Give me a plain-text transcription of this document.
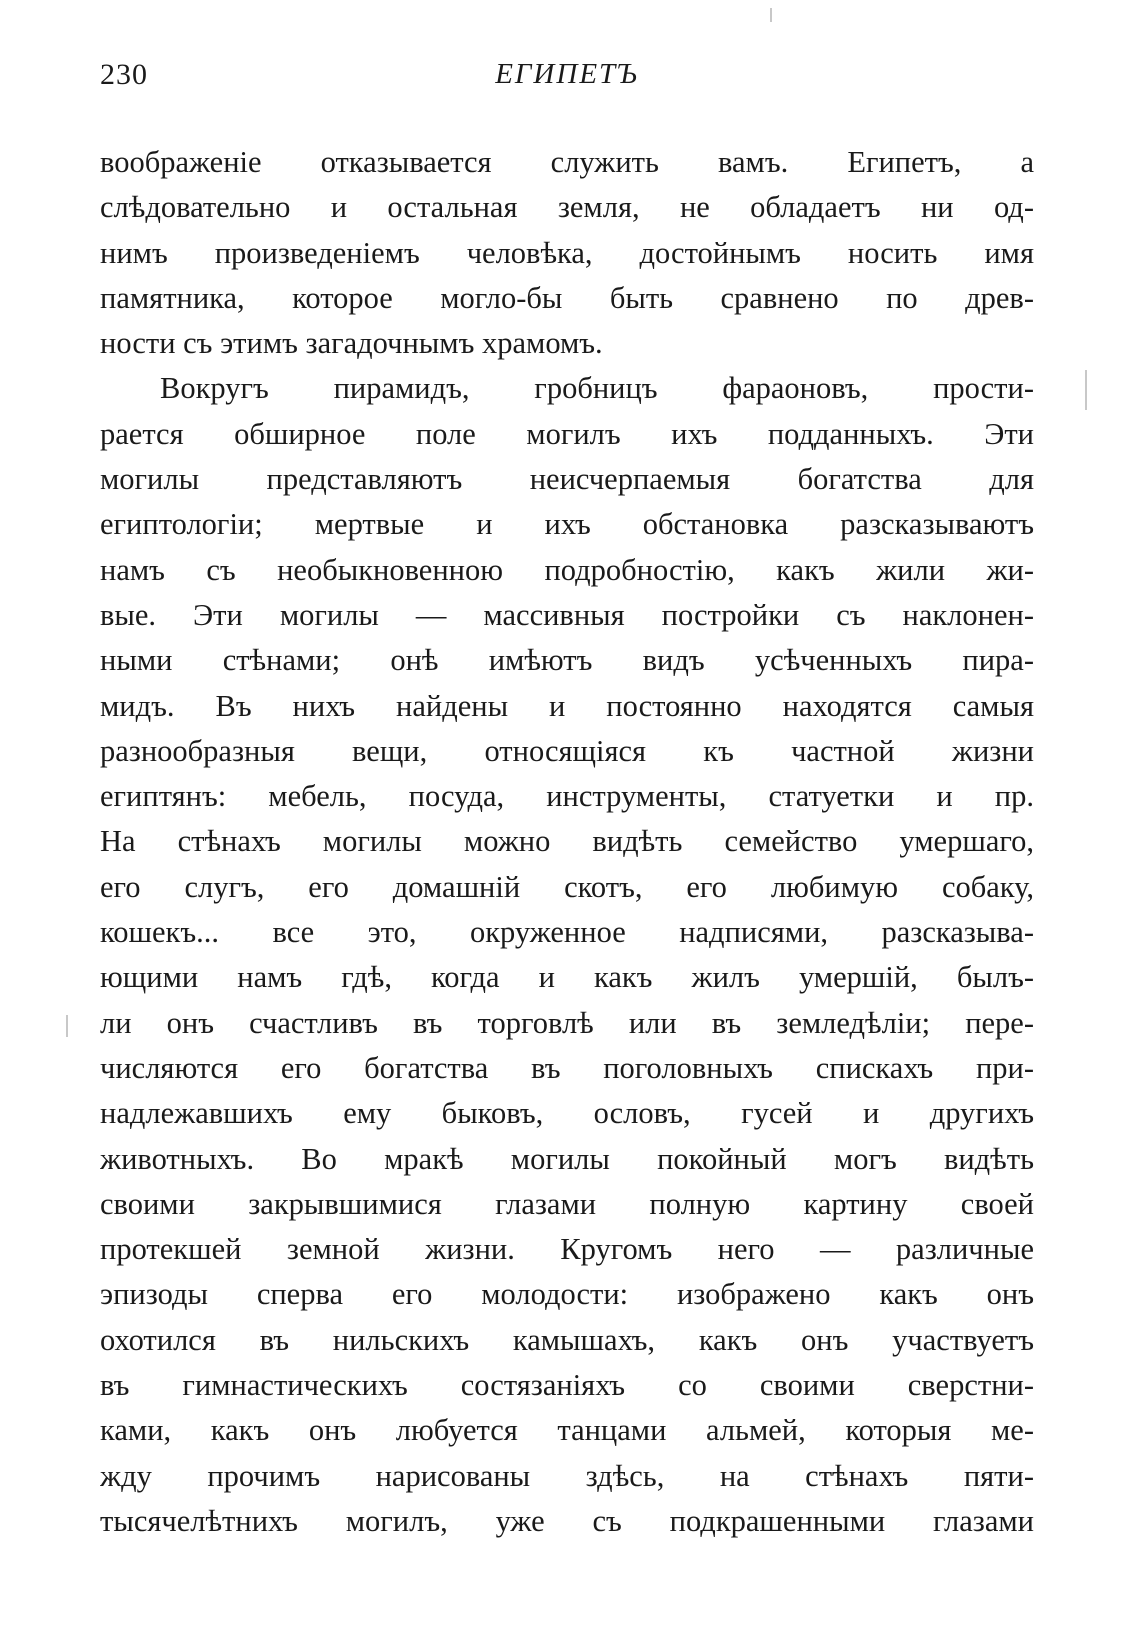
230	ЕГИПЕТЪ
воображенiе отказывается служить вамъ. Египетъ, а
слѣдовательно и остальная земля, не обладаетъ ни од-
нимъ произведенiемъ человѣка, достойнымъ носить имя
памятника, которое могло-бы быть сравнено по древ-
ности съ этимъ загадочнымъ храмомъ.
Вокругъ пирамидъ, гробницъ фараоновъ, прости-
рается обширное поле могилъ ихъ подданныхъ. Эти
могилы представляютъ неисчерпаемыя богатства для
египтологiи; мертвые и ихъ обстановка разсказываютъ
намъ съ необыкновенною подробностiю, какъ жили жи-
вые. Эти могилы — массивныя постройки съ наклонен-
ными стѣнами; онѣ имѣютъ видъ усѣченныхъ пира-
мидъ. Въ нихъ найдены и постоянно находятся самыя
разнообразныя вещи, относящiяся къ частной жизни
египтянъ: мебель, посуда, инструменты, статуетки и пр.
На стѣнахъ могилы можно видѣть семейство умершаго,
его слугъ, его домашнiй скотъ, его любимую собаку,
кошекъ... все это, окруженное надписями, разсказыва-
ющими намъ гдѣ, когда и какъ жилъ умершiй, былъ-
ли онъ счастливъ въ торговлѣ или въ земледѣлiи; пере-
числяются его богатства въ поголовныхъ спискахъ при-
надлежавшихъ ему быковъ, ословъ, гусей и другихъ
животныхъ. Во мракѣ могилы покойный могъ видѣть
своими закрывшимися глазами полную картину своей
протекшей земной жизни. Кругомъ него — различные
эпизоды сперва его молодости: изображено какъ онъ
охотился въ нильскихъ камышахъ, какъ онъ участвуетъ
въ гимнастическихъ состязанiяхъ со своими сверстни-
ками, какъ онъ любуется танцами альмей, которыя ме-
жду прочимъ нарисованы здѣсь, на стѣнахъ пяти-
тысячелѣтнихъ могилъ, уже съ подкрашенными глазами
